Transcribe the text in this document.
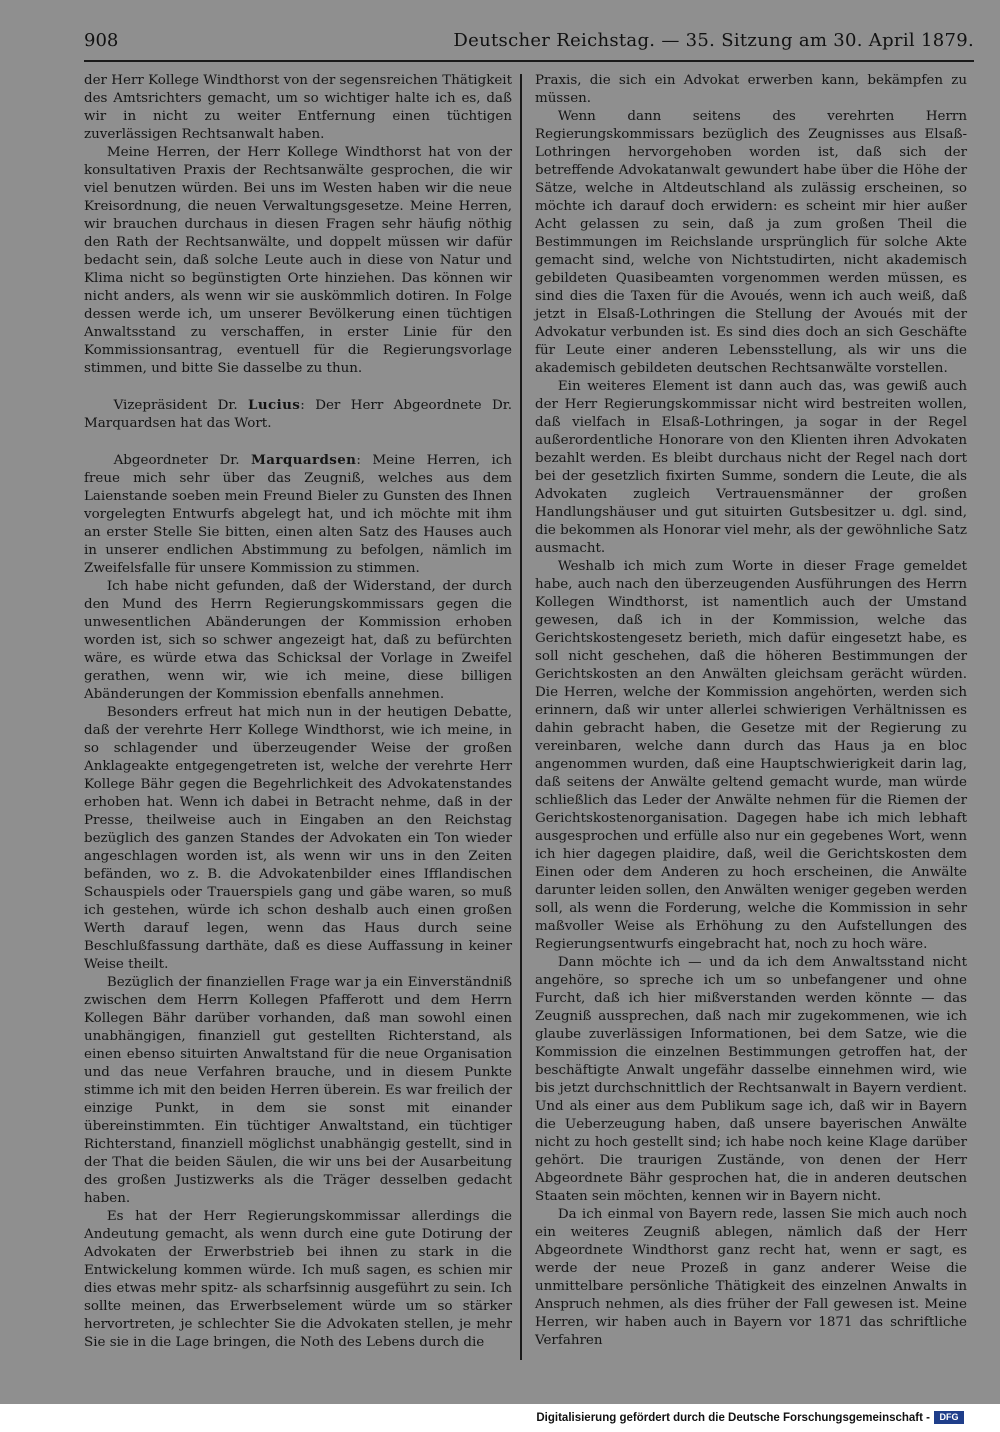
908	Deutscher Reichstag. — 35. Sitzung am 30. April 1879.

der Herr Kollege Windthorst von der segensreichen Thätigkeit des Amtsrichters gemacht, um so wichtiger halte ich es, daß wir in nicht zu weiter Entfernung einen tüchtigen zuverlässigen Rechtsanwalt haben.

Meine Herren, der Herr Kollege Windthorst hat von der konsultativen Praxis der Rechtsanwälte gesprochen, die wir viel benutzen würden. Bei uns im Westen haben wir die neue Kreisordnung, die neuen Verwaltungsgesetze. Meine Herren, wir brauchen durchaus in diesen Fragen sehr häufig nöthig den Rath der Rechtsanwälte, und doppelt müssen wir dafür bedacht sein, daß solche Leute auch in diese von Natur und Klima nicht so begünstigten Orte hinziehen. Das können wir nicht anders, als wenn wir sie auskömmlich dotiren. In Folge dessen werde ich, um unserer Bevölkerung einen tüchtigen Anwaltsstand zu verschaffen, in erster Linie für den Kommissionsantrag, eventuell für die Regierungsvorlage stimmen, und bitte Sie dasselbe zu thun.

Vizepräsident Dr. Lucius: Der Herr Abgeordnete Dr. Marquardsen hat das Wort.

Abgeordneter Dr. Marquardsen: Meine Herren, ich freue mich sehr über das Zeugniß, welches aus dem Laienstande soeben mein Freund Bieler zu Gunsten des Ihnen vorgelegten Entwurfs abgelegt hat, und ich möchte mit ihm an erster Stelle Sie bitten, einen alten Satz des Hauses auch in unserer endlichen Abstimmung zu befolgen, nämlich im Zweifelsfalle für unsere Kommission zu stimmen.

Ich habe nicht gefunden, daß der Widerstand, der durch den Mund des Herrn Regierungskommissars gegen die unwesentlichen Abänderungen der Kommission erhoben worden ist, sich so schwer angezeigt hat, daß zu befürchten wäre, es würde etwa das Schicksal der Vorlage in Zweifel gerathen, wenn wir, wie ich meine, diese billigen Abänderungen der Kommission ebenfalls annehmen.

Besonders erfreut hat mich nun in der heutigen Debatte, daß der verehrte Herr Kollege Windthorst, wie ich meine, in so schlagender und überzeugender Weise der großen Anklageakte entgegengetreten ist, welche der verehrte Herr Kollege Bähr gegen die Begehrlichkeit des Advokatenstandes erhoben hat. Wenn ich dabei in Betracht nehme, daß in der Presse, theilweise auch in Eingaben an den Reichstag bezüglich des ganzen Standes der Advokaten ein Ton wieder angeschlagen worden ist, als wenn wir uns in den Zeiten befänden, wo z. B. die Advokatenbilder eines Ifflandischen Schauspiels oder Trauerspiels gang und gäbe waren, so muß ich gestehen, würde ich schon deshalb auch einen großen Werth darauf legen, wenn das Haus durch seine Beschlußfassung darthäte, daß es diese Auffassung in keiner Weise theilt.

Bezüglich der finanziellen Frage war ja ein Einverständniß zwischen dem Herrn Kollegen Pfafferott und dem Herrn Kollegen Bähr darüber vorhanden, daß man sowohl einen unabhängigen, finanziell gut gestellten Richterstand, als einen ebenso situirten Anwaltstand für die neue Organisation und das neue Verfahren brauche, und in diesem Punkte stimme ich mit den beiden Herren überein. Es war freilich der einzige Punkt, in dem sie sonst mit einander übereinstimmten. Ein tüchtiger Anwaltstand, ein tüchtiger Richterstand, finanziell möglichst unabhängig gestellt, sind in der That die beiden Säulen, die wir uns bei der Ausarbeitung des großen Justizwerks als die Träger desselben gedacht haben.

Es hat der Herr Regierungskommissar allerdings die Andeutung gemacht, als wenn durch eine gute Dotirung der Advokaten der Erwerbstrieb bei ihnen zu stark in die Entwickelung kommen würde. Ich muß sagen, es schien mir dies etwas mehr spitz- als scharfsinnig ausgeführt zu sein. Ich sollte meinen, das Erwerbselement würde um so stärker hervortreten, je schlechter Sie die Advokaten stellen, je mehr Sie sie in die Lage bringen, die Noth des Lebens durch die

Praxis, die sich ein Advokat erwerben kann, bekämpfen zu müssen.

Wenn dann seitens des verehrten Herrn Regierungskommissars bezüglich des Zeugnisses aus Elsaß-Lothringen hervorgehoben worden ist, daß sich der betreffende Advokatanwalt gewundert habe über die Höhe der Sätze, welche in Altdeutschland als zulässig erscheinen, so möchte ich darauf doch erwidern: es scheint mir hier außer Acht gelassen zu sein, daß ja zum großen Theil die Bestimmungen im Reichslande ursprünglich für solche Akte gemacht sind, welche von Nichtstudirten, nicht akademisch gebildeten Quasibeamten vorgenommen werden müssen, es sind dies die Taxen für die Avoués, wenn ich auch weiß, daß jetzt in Elsaß-Lothringen die Stellung der Avoués mit der Advokatur verbunden ist. Es sind dies doch an sich Geschäfte für Leute einer anderen Lebensstellung, als wir uns die akademisch gebildeten deutschen Rechtsanwälte vorstellen.

Ein weiteres Element ist dann auch das, was gewiß auch der Herr Regierungskommissar nicht wird bestreiten wollen, daß vielfach in Elsaß-Lothringen, ja sogar in der Regel außerordentliche Honorare von den Klienten ihren Advokaten bezahlt werden. Es bleibt durchaus nicht der Regel nach dort bei der gesetzlich fixirten Summe, sondern die Leute, die als Advokaten zugleich Vertrauensmänner der großen Handlungshäuser und gut situirten Gutsbesitzer u. dgl. sind, die bekommen als Honorar viel mehr, als der gewöhnliche Satz ausmacht.

Weshalb ich mich zum Worte in dieser Frage gemeldet habe, auch nach den überzeugenden Ausführungen des Herrn Kollegen Windthorst, ist namentlich auch der Umstand gewesen, daß ich in der Kommission, welche das Gerichtskostengesetz berieth, mich dafür eingesetzt habe, es soll nicht geschehen, daß die höheren Bestimmungen der Gerichtskosten an den Anwälten gleichsam gerächt würden. Die Herren, welche der Kommission angehörten, werden sich erinnern, daß wir unter allerlei schwierigen Verhältnissen es dahin gebracht haben, die Gesetze mit der Regierung zu vereinbaren, welche dann durch das Haus ja en bloc angenommen wurden, daß eine Hauptschwierigkeit darin lag, daß seitens der Anwälte geltend gemacht wurde, man würde schließlich das Leder der Anwälte nehmen für die Riemen der Gerichtskostenorganisation. Dagegen habe ich mich lebhaft ausgesprochen und erfülle also nur ein gegebenes Wort, wenn ich hier dagegen plaidire, daß, weil die Gerichtskosten dem Einen oder dem Anderen zu hoch erscheinen, die Anwälte darunter leiden sollen, den Anwälten weniger gegeben werden soll, als wenn die Forderung, welche die Kommission in sehr maßvoller Weise als Erhöhung zu den Aufstellungen des Regierungsentwurfs eingebracht hat, noch zu hoch wäre.

Dann möchte ich — und da ich dem Anwaltsstand nicht angehöre, so spreche ich um so unbefangener und ohne Furcht, daß ich hier mißverstanden werden könnte — das Zeugniß aussprechen, daß nach mir zugekommenen, wie ich glaube zuverlässigen Informationen, bei dem Satze, wie die Kommission die einzelnen Bestimmungen getroffen hat, der beschäftigte Anwalt ungefähr dasselbe einnehmen wird, wie bis jetzt durchschnittlich der Rechtsanwalt in Bayern verdient. Und als einer aus dem Publikum sage ich, daß wir in Bayern die Ueberzeugung haben, daß unsere bayerischen Anwälte nicht zu hoch gestellt sind; ich habe noch keine Klage darüber gehört. Die traurigen Zustände, von denen der Herr Abgeordnete Bähr gesprochen hat, die in anderen deutschen Staaten sein möchten, kennen wir in Bayern nicht.

Da ich einmal von Bayern rede, lassen Sie mich auch noch ein weiteres Zeugniß ablegen, nämlich daß der Herr Abgeordnete Windthorst ganz recht hat, wenn er sagt, es werde der neue Prozeß in ganz anderer Weise die unmittelbare persönliche Thätigkeit des einzelnen Anwalts in Anspruch nehmen, als dies früher der Fall gewesen ist. Meine Herren, wir haben auch in Bayern vor 1871 das schriftliche Verfahren

Digitalisierung gefördert durch die Deutsche Forschungsgemeinschaft -	DFG
